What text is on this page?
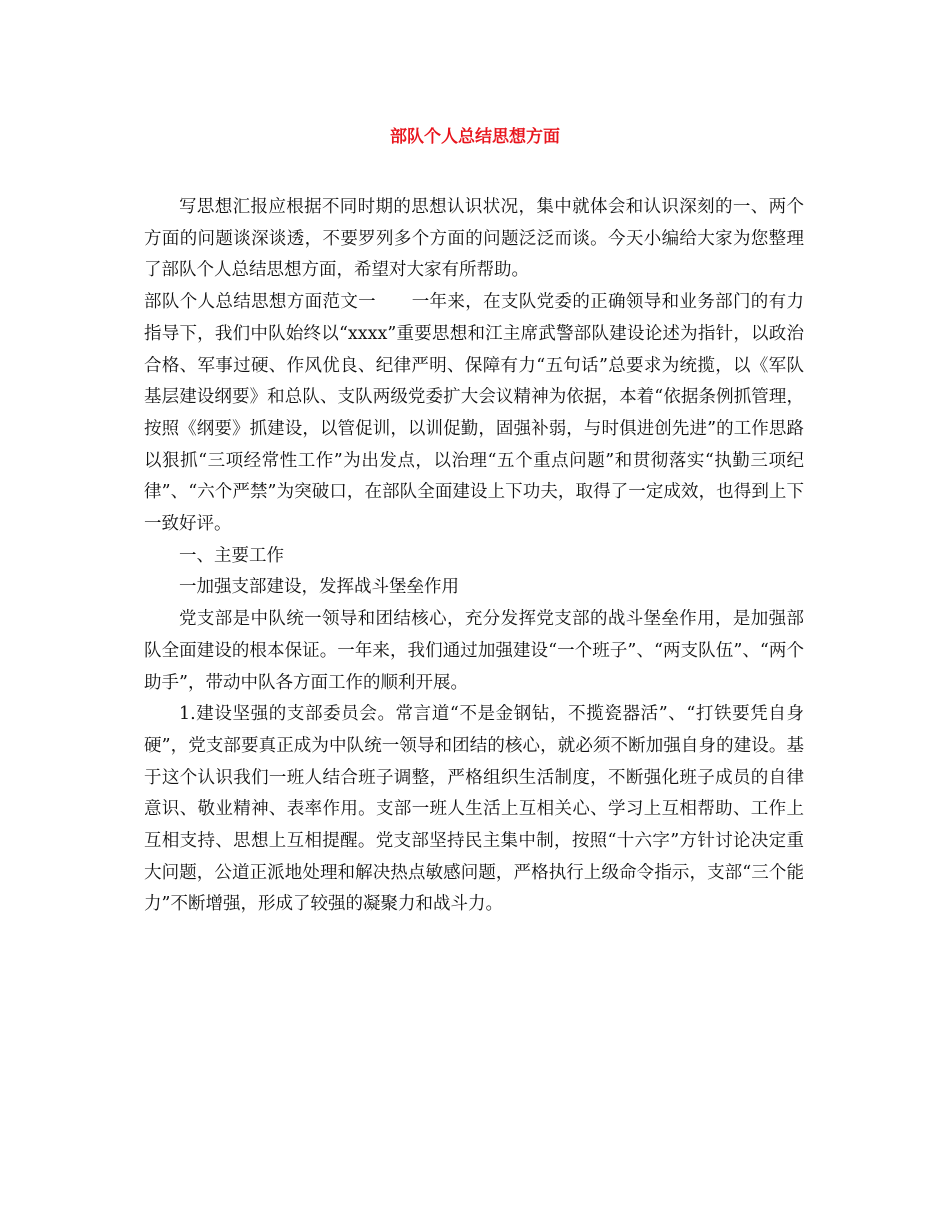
部队个人总结思想方面

写思想汇报应根据不同时期的思想认识状况，集中就体会和认识深刻的一、两个方面的问题谈深谈透，不要罗列多个方面的问题泛泛而谈。今天小编给大家为您整理了部队个人总结思想方面，希望对大家有所帮助。

部队个人总结思想方面范文一　　一年来，在支队党委的正确领导和业务部门的有力指导下，我们中队始终以“xxxx”重要思想和江主席武警部队建设论述为指针，以政治合格、军事过硬、作风优良、纪律严明、保障有力“五句话”总要求为统揽，以《军队基层建设纲要》和总队、支队两级党委扩大会议精神为依据，本着“依据条例抓管理，按照《纲要》抓建设，以管促训，以训促勤，固强补弱，与时俱进创先进”的工作思路以狠抓“三项经常性工作”为出发点，以治理“五个重点问题”和贯彻落实“执勤三项纪律”、“六个严禁”为突破口，在部队全面建设上下功夫，取得了一定成效，也得到上下一致好评。

一、主要工作

一加强支部建设，发挥战斗堡垒作用

党支部是中队统一领导和团结核心，充分发挥党支部的战斗堡垒作用，是加强部队全面建设的根本保证。一年来，我们通过加强建设“一个班子”、“两支队伍”、“两个助手”，带动中队各方面工作的顺利开展。

1.建设坚强的支部委员会。常言道“不是金钢钻，不揽瓷器活”、“打铁要凭自身硬”，党支部要真正成为中队统一领导和团结的核心，就必须不断加强自身的建设。基于这个认识我们一班人结合班子调整，严格组织生活制度，不断强化班子成员的自律意识、敬业精神、表率作用。支部一班人生活上互相关心、学习上互相帮助、工作上互相支持、思想上互相提醒。党支部坚持民主集中制，按照“十六字”方针讨论决定重大问题，公道正派地处理和解决热点敏感问题，严格执行上级命令指示，支部“三个能力”不断增强，形成了较强的凝聚力和战斗力。
